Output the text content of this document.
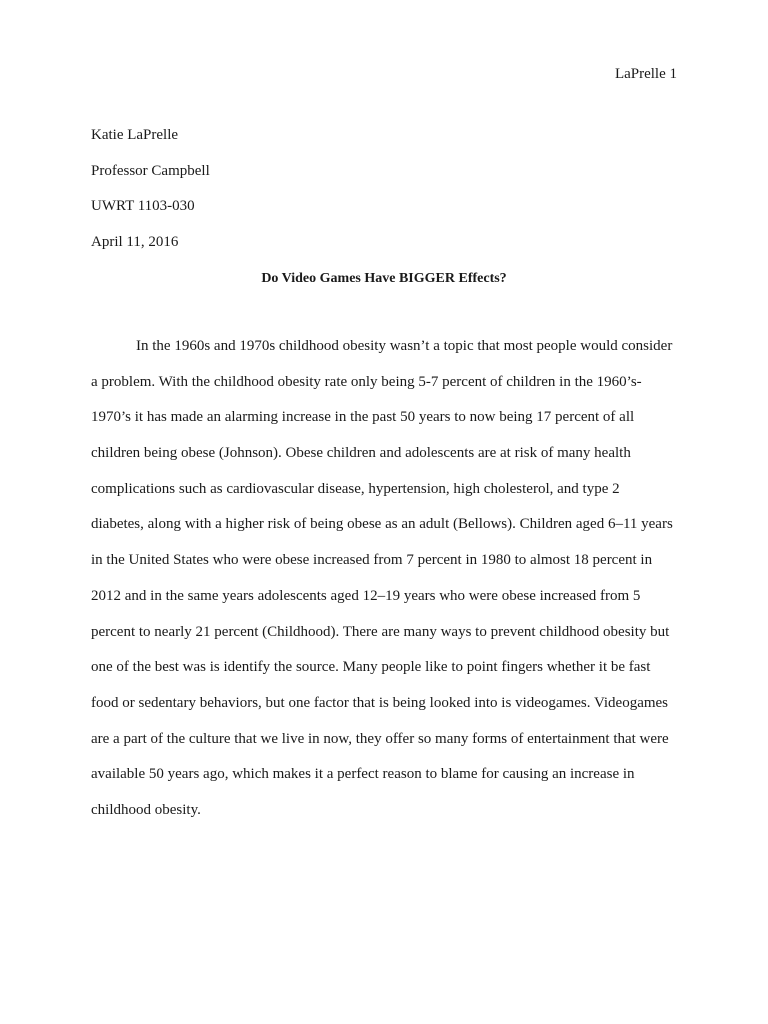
LaPrelle 1
Katie LaPrelle
Professor Campbell
UWRT 1103-030
April 11, 2016
Do Video Games Have BIGGER Effects?
In the 1960s and 1970s childhood obesity wasn’t a topic that most people would consider
a problem. With the childhood obesity rate only being 5-7 percent of children in the 1960’s-
1970’s it has made an alarming increase in the past 50 years to now being 17 percent of all
children being obese (Johnson). Obese children and adolescents are at risk of many health
complications such as cardiovascular disease, hypertension, high cholesterol, and type 2
diabetes, along with a higher risk of being obese as an adult (Bellows). Children aged 6–11 years
in the United States who were obese increased from 7 percent in 1980 to almost 18 percent in
2012 and in the same years adolescents aged 12–19 years who were obese increased from 5
percent to nearly 21 percent (Childhood). There are many ways to prevent childhood obesity but
one of the best was is identify the source. Many people like to point fingers whether it be fast
food or sedentary behaviors, but one factor that is being looked into is videogames. Videogames
are a part of the culture that we live in now, they offer so many forms of entertainment that were
available 50 years ago, which makes it a perfect reason to blame for causing an increase in
childhood obesity.
